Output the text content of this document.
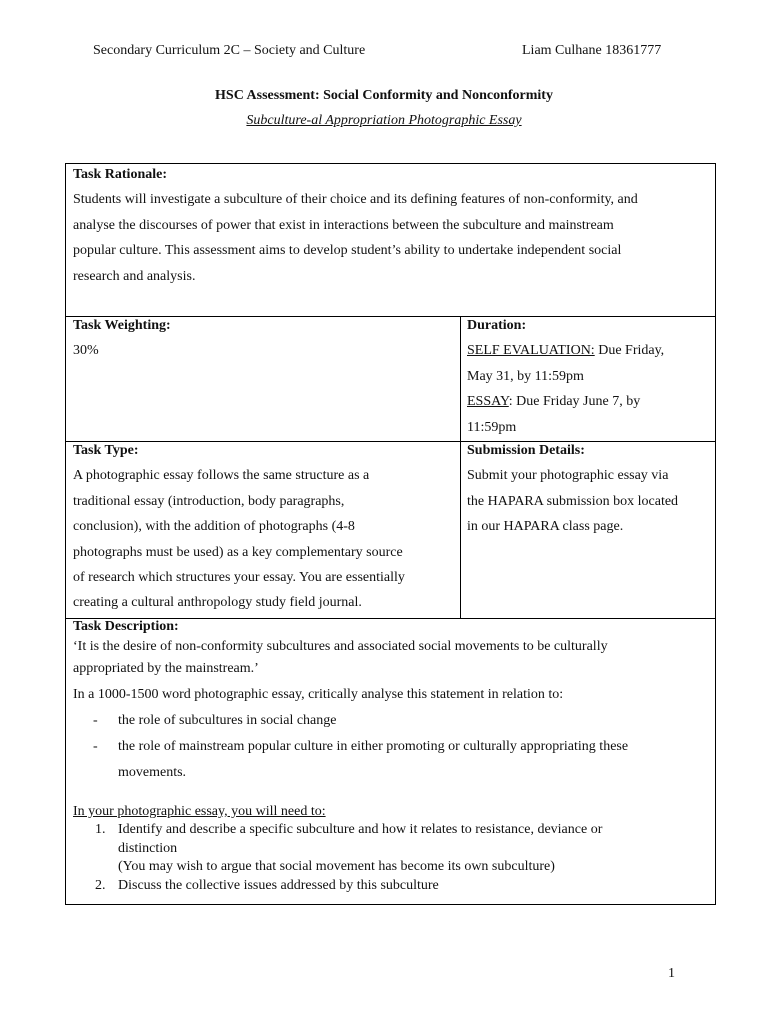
Secondary Curriculum 2C – Society and Culture	Liam Culhane 18361777
HSC Assessment: Social Conformity and Nonconformity
Subculture-al Appropriation Photographic Essay
Task Rationale:
Students will investigate a subculture of their choice and its defining features of non-conformity, and
analyse the discourses of power that exist in interactions between the subculture and mainstream
popular culture. This assessment aims to develop student’s ability to undertake independent social
research and analysis.
Task Weighting:
30%
Duration:
SELF EVALUATION: Due Friday,
May 31, by 11:59pm
ESSAY: Due Friday June 7, by
11:59pm
Task Type:
A photographic essay follows the same structure as a
traditional essay (introduction, body paragraphs,
conclusion), with the addition of photographs (4-8
photographs must be used) as a key complementary source
of research which structures your essay. You are essentially
creating a cultural anthropology study field journal.
Submission Details:
Submit your photographic essay via
the HAPARA submission box located
in our HAPARA class page.
Task Description:
‘It is the desire of non-conformity subcultures and associated social movements to be culturally
appropriated by the mainstream.’
In a 1000-1500 word photographic essay, critically analyse this statement in relation to:
- the role of subcultures in social change
- the role of mainstream popular culture in either promoting or culturally appropriating these
movements.
In your photographic essay, you will need to:
1. Identify and describe a specific subculture and how it relates to resistance, deviance or
distinction
(You may wish to argue that social movement has become its own subculture)
2. Discuss the collective issues addressed by this subculture
1
